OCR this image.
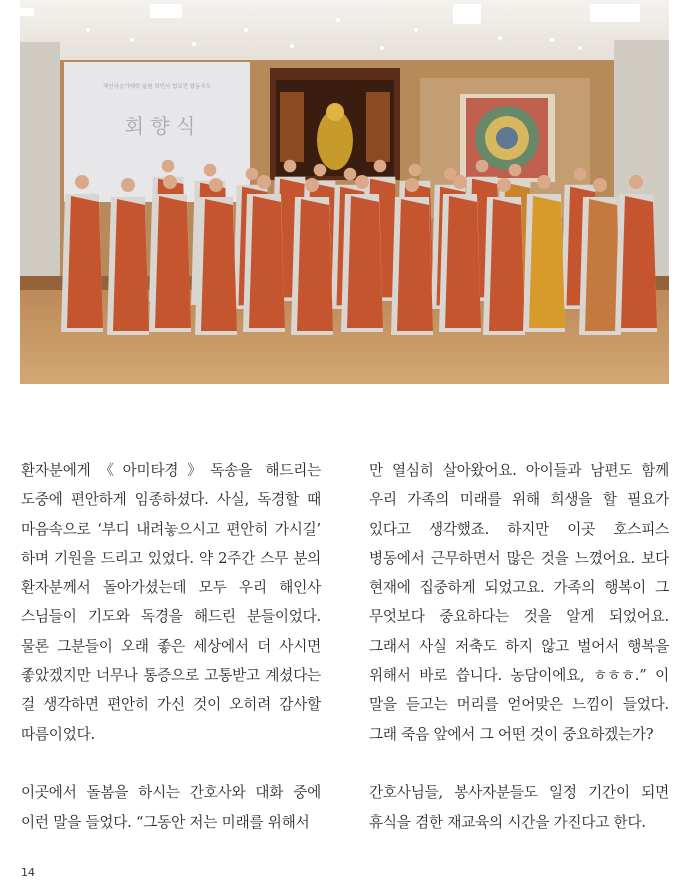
해인사승가대학·율원 희인사 법보전 합동추모
회 향 식

환자분에게《아미타경》독송을 해드리는 도중에 편안하게 임종하셨다. 사실, 독경할 때 마음속으로 ‘부디 내려놓으시고 편안히 가시길’ 하며 기원을 드리고 있었다. 약 2주간 스무 분의 환자분께서 돌아가셨는데 모두 우리 해인사 스님들이 기도와 독경을 해드린 분들이었다. 물론 그분들이 오래 좋은 세상에서 더 사시면 좋았겠지만 너무나 통증으로 고통받고 계셨다는 걸 생각하면 편안히 가신 것이 오히려 감사할 따름이었다.

이곳에서 돌봄을 하시는 간호사와 대화 중에 이런 말을 들었다. “그동안 저는 미래를 위해서

만 열심히 살아왔어요. 아이들과 남편도 함께 우리 가족의 미래를 위해 희생을 할 필요가 있다고 생각했죠. 하지만 이곳 호스피스 병동에서 근무하면서 많은 것을 느꼈어요. 보다 현재에 집중하게 되었고요. 가족의 행복이 그 무엇보다 중요하다는 것을 알게 되었어요. 그래서 사실 저축도 하지 않고 벌어서 행복을 위해서 바로 씁니다. 농담이에요, ㅎㅎㅎ.” 이 말을 듣고는 머리를 얻어맞은 느낌이 들었다. 그래 죽음 앞에서 그 어떤 것이 중요하겠는가?

간호사님들, 봉사자분들도 일정 기간이 되면 휴식을 겸한 재교육의 시간을 가진다고 한다.

14
